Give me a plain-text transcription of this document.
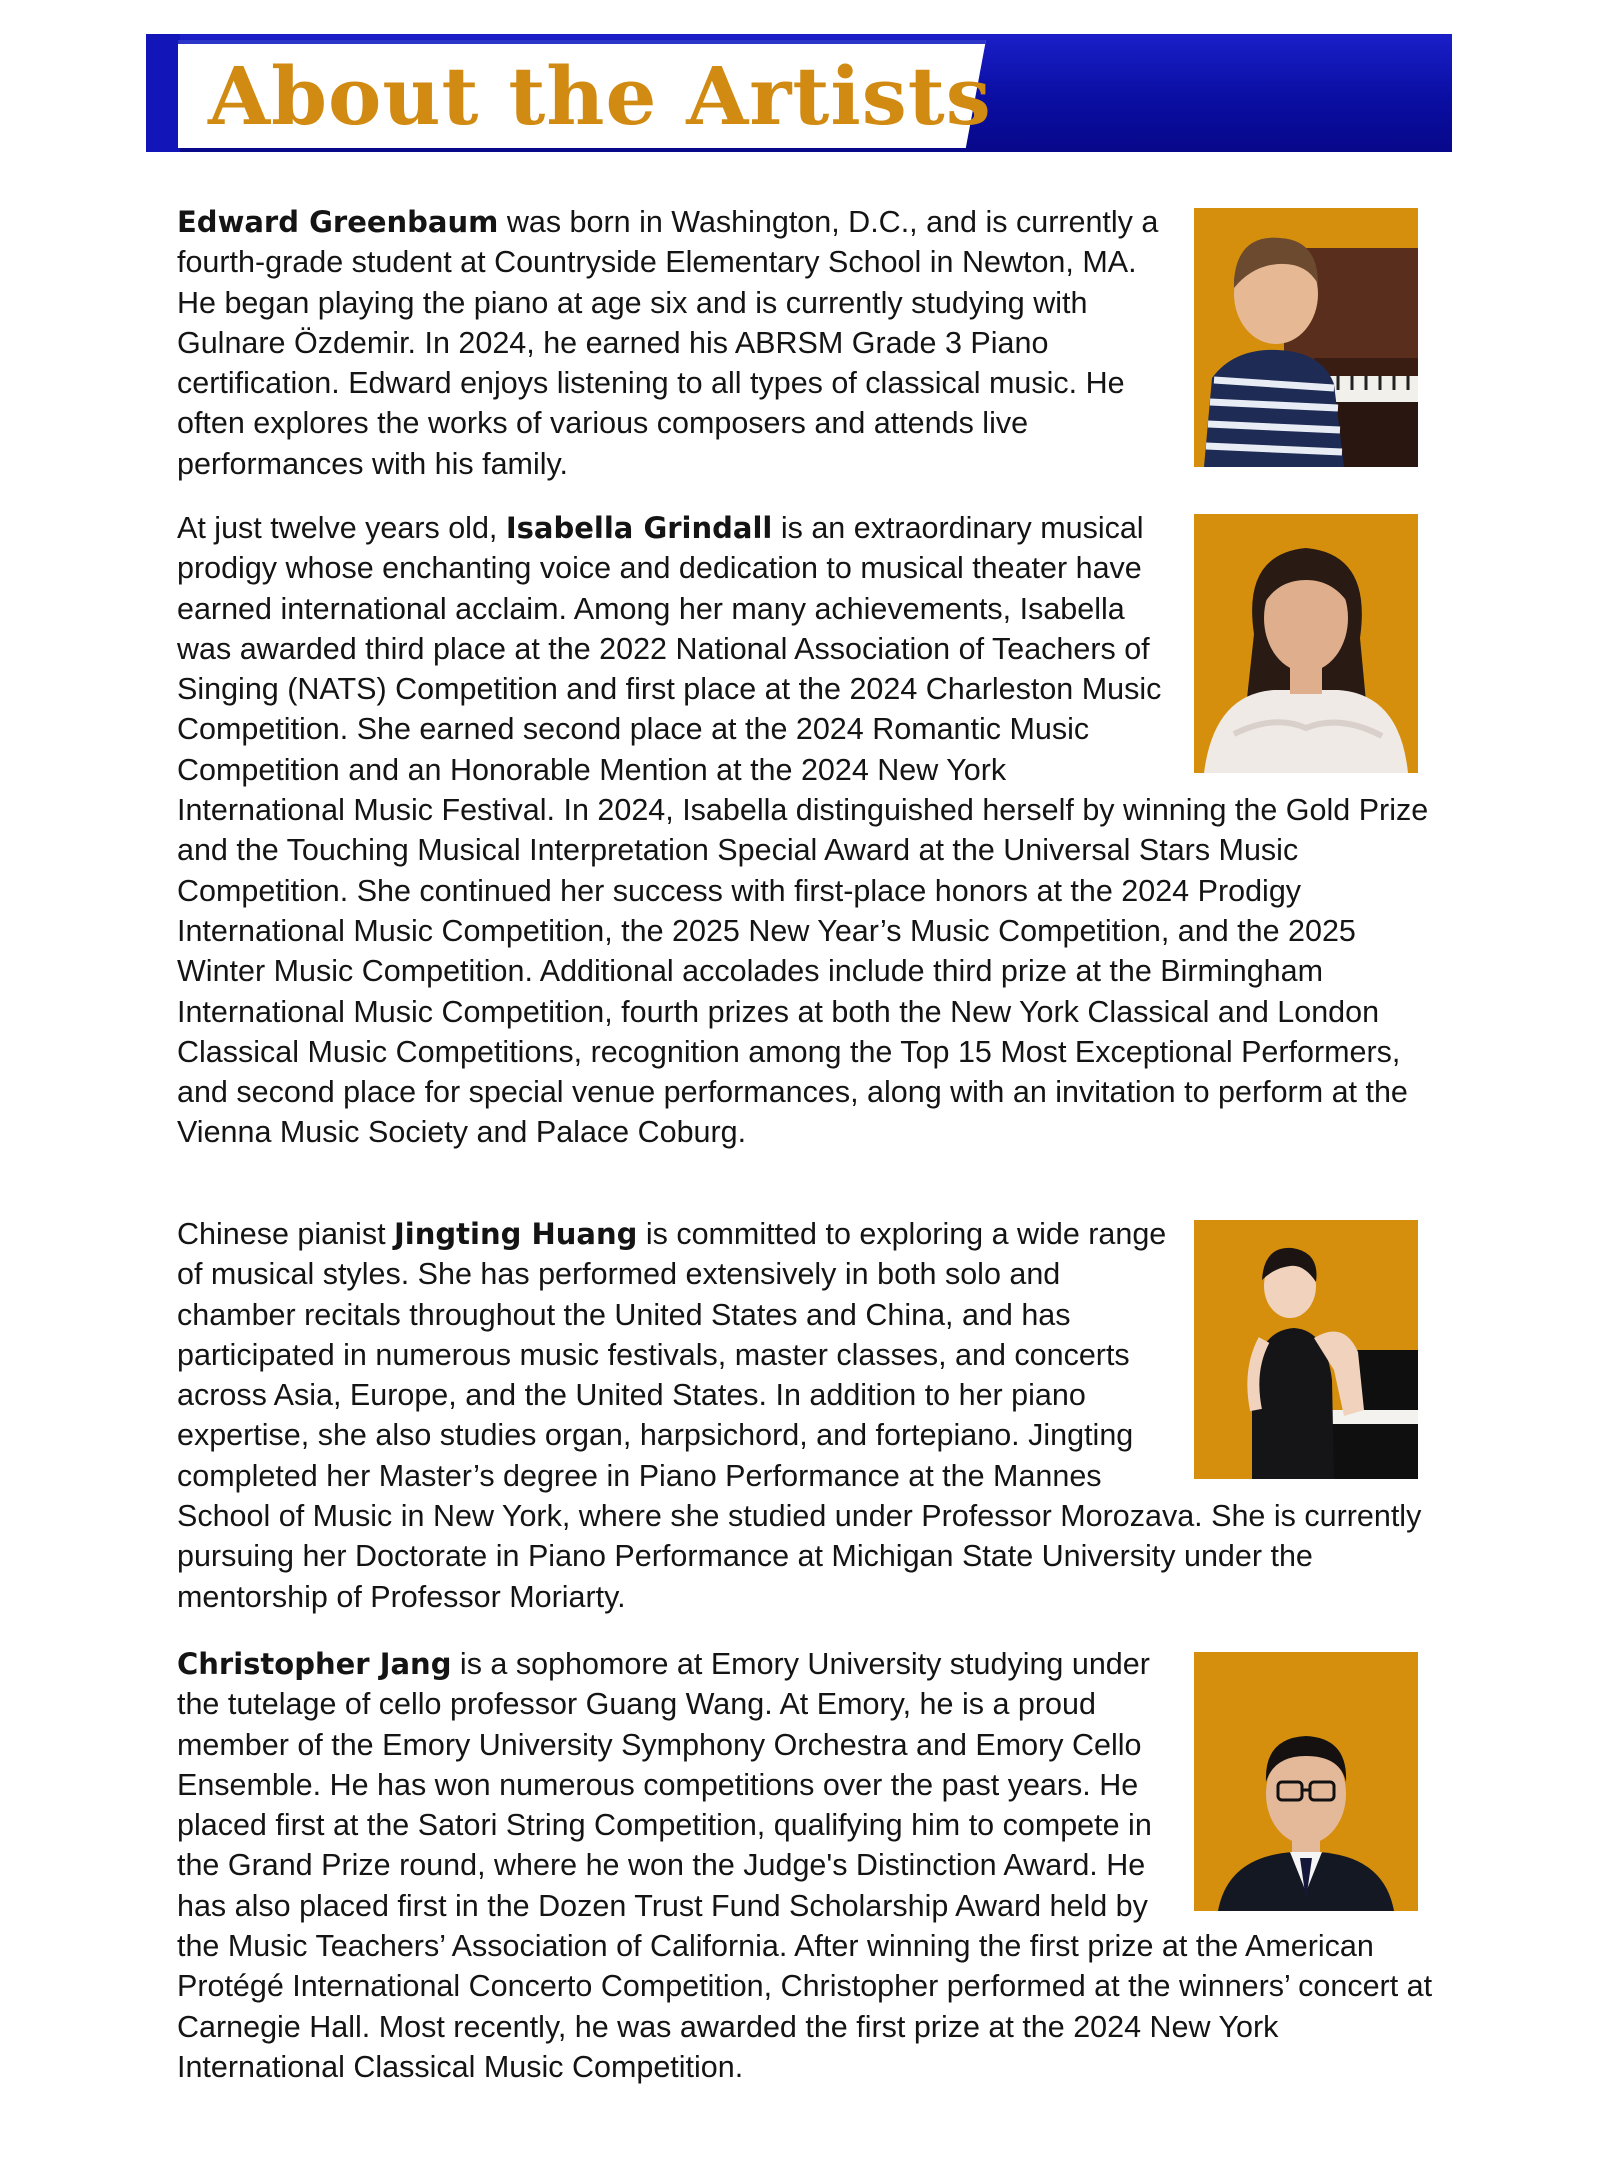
About the Artists

Edward Greenbaum was born in Washington, D.C., and is currently a fourth-grade student at Countryside Elementary School in Newton, MA. He began playing the piano at age six and is currently studying with Gulnare Özdemir. In 2024, he earned his ABRSM Grade 3 Piano certification. Edward enjoys listening to all types of classical music. He often explores the works of various composers and attends live performances with his family.

At just twelve years old, Isabella Grindall is an extraordinary musical prodigy whose enchanting voice and dedication to musical theater have earned international acclaim. Among her many achievements, Isabella was awarded third place at the 2022 National Association of Teachers of Singing (NATS) Competition and first place at the 2024 Charleston Music Competition. She earned second place at the 2024 Romantic Music Competition and an Honorable Mention at the 2024 New York International Music Festival. In 2024, Isabella distinguished herself by winning the Gold Prize and the Touching Musical Interpretation Special Award at the Universal Stars Music Competition. She continued her success with first-place honors at the 2024 Prodigy International Music Competition, the 2025 New Year’s Music Competition, and the 2025 Winter Music Competition. Additional accolades include third prize at the Birmingham International Music Competition, fourth prizes at both the New York Classical and London Classical Music Competitions, recognition among the Top 15 Most Exceptional Performers, and second place for special venue performances, along with an invitation to perform at the Vienna Music Society and Palace Coburg.

Chinese pianist Jingting Huang is committed to exploring a wide range of musical styles. She has performed extensively in both solo and chamber recitals throughout the United States and China, and has participated in numerous music festivals, master classes, and concerts across Asia, Europe, and the United States. In addition to her piano expertise, she also studies organ, harpsichord, and fortepiano. Jingting completed her Master’s degree in Piano Performance at the Mannes School of Music in New York, where she studied under Professor Morozava. She is currently pursuing her Doctorate in Piano Performance at Michigan State University under the mentorship of Professor Moriarty.

Christopher Jang is a sophomore at Emory University studying under the tutelage of cello professor Guang Wang. At Emory, he is a proud member of the Emory University Symphony Orchestra and Emory Cello Ensemble. He has won numerous competitions over the past years. He placed first at the Satori String Competition, qualifying him to compete in the Grand Prize round, where he won the Judge's Distinction Award. He has also placed first in the Dozen Trust Fund Scholarship Award held by the Music Teachers’ Association of California. After winning the first prize at the American Protégé International Concerto Competition, Christopher performed at the winners’ concert at Carnegie Hall. Most recently, he was awarded the first prize at the 2024 New York International Classical Music Competition.
